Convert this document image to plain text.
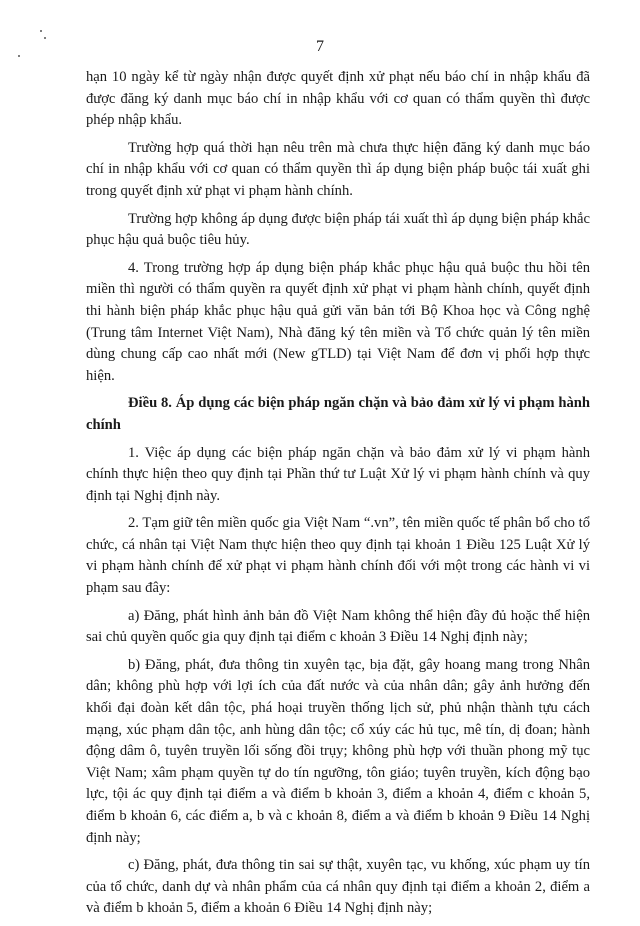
7

hạn 10 ngày kể từ ngày nhận được quyết định xử phạt nếu báo chí in nhập khẩu đã được đăng ký danh mục báo chí in nhập khẩu với cơ quan có thẩm quyền thì được phép nhập khẩu.

Trường hợp quá thời hạn nêu trên mà chưa thực hiện đăng ký danh mục báo chí in nhập khẩu với cơ quan có thẩm quyền thì áp dụng biện pháp buộc tái xuất ghi trong quyết định xử phạt vi phạm hành chính.

Trường hợp không áp dụng được biện pháp tái xuất thì áp dụng biện pháp khắc phục hậu quả buộc tiêu hủy.

4. Trong trường hợp áp dụng biện pháp khắc phục hậu quả buộc thu hồi tên miền thì người có thẩm quyền ra quyết định xử phạt vi phạm hành chính, quyết định thi hành biện pháp khắc phục hậu quả gửi văn bản tới Bộ Khoa học và Công nghệ (Trung tâm Internet Việt Nam), Nhà đăng ký tên miền và Tổ chức quản lý tên miền dùng chung cấp cao nhất mới (New gTLD) tại Việt Nam để đơn vị phối hợp thực hiện.

Điều 8. Áp dụng các biện pháp ngăn chặn và bảo đảm xử lý vi phạm hành chính

1. Việc áp dụng các biện pháp ngăn chặn và bảo đảm xử lý vi phạm hành chính thực hiện theo quy định tại Phần thứ tư Luật Xử lý vi phạm hành chính và quy định tại Nghị định này.

2. Tạm giữ tên miền quốc gia Việt Nam “.vn”, tên miền quốc tế phân bổ cho tổ chức, cá nhân tại Việt Nam thực hiện theo quy định tại khoản 1 Điều 125 Luật Xử lý vi phạm hành chính để xử phạt vi phạm hành chính đối với một trong các hành vi vi phạm sau đây:

a) Đăng, phát hình ảnh bản đồ Việt Nam không thể hiện đầy đủ hoặc thể hiện sai chủ quyền quốc gia quy định tại điểm c khoản 3 Điều 14 Nghị định này;

b) Đăng, phát, đưa thông tin xuyên tạc, bịa đặt, gây hoang mang trong Nhân dân; không phù hợp với lợi ích của đất nước và của nhân dân; gây ảnh hưởng đến khối đại đoàn kết dân tộc, phá hoại truyền thống lịch sử, phủ nhận thành tựu cách mạng, xúc phạm dân tộc, anh hùng dân tộc; cổ xúy các hủ tục, mê tín, dị đoan; hành động dâm ô, tuyên truyền lối sống đồi trụy; không phù hợp với thuần phong mỹ tục Việt Nam; xâm phạm quyền tự do tín ngưỡng, tôn giáo; tuyên truyền, kích động bạo lực, tội ác quy định tại điểm a và điểm b khoản 3, điểm a khoản 4, điểm c khoản 5, điểm b khoản 6, các điểm a, b và c khoản 8, điểm a và điểm b khoản 9 Điều 14 Nghị định này;

c) Đăng, phát, đưa thông tin sai sự thật, xuyên tạc, vu khống, xúc phạm uy tín của tổ chức, danh dự và nhân phẩm của cá nhân quy định tại điểm a khoản 2, điểm a và điểm b khoản 5, điểm a khoản 6 Điều 14 Nghị định này;
